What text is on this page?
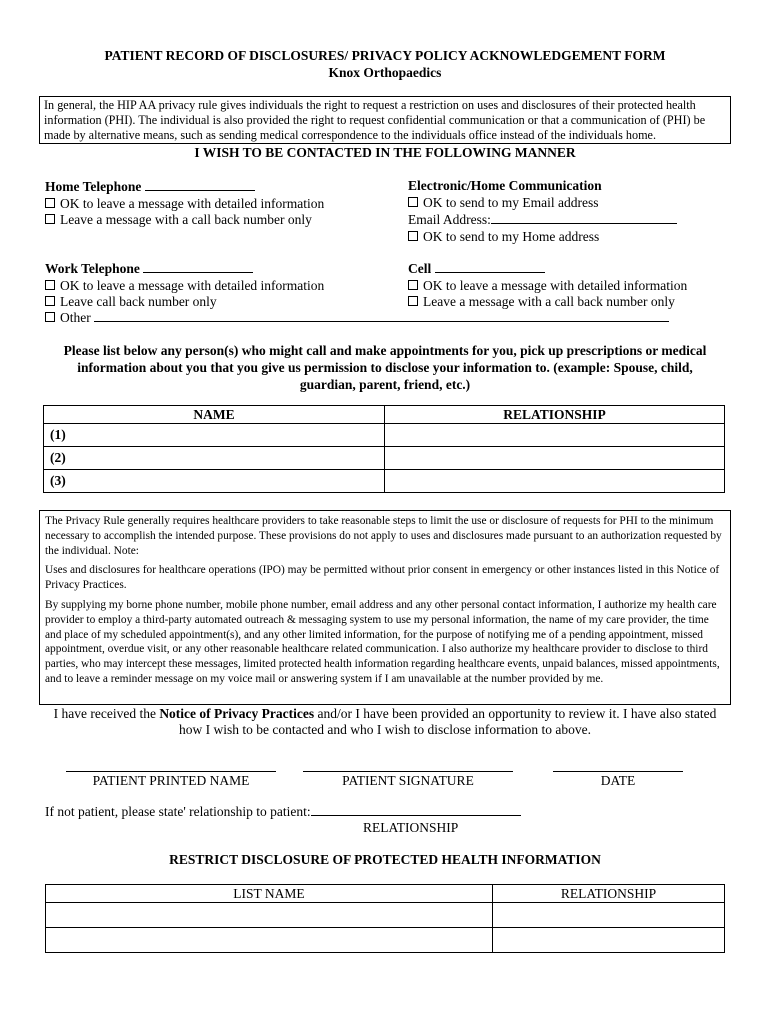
PATIENT RECORD OF DISCLOSURES/ PRIVACY POLICY ACKNOWLEDGEMENT FORM
Knox Orthopaedics
In general, the HIP AA privacy rule gives individuals the right to request a restriction on uses and disclosures of their protected health information (PHI). The individual is also provided the right to request confidential communication or that a communication of (PHI) be made by alternative means, such as sending medical correspondence to the individuals office instead of the individuals home.
I WISH TO BE CONTACTED IN THE FOLLOWING MANNER
Home Telephone
OK to leave a message with detailed information
Leave a message with a call back number only
Electronic/Home Communication
OK to send to my Email address
Email Address:
OK to send to my Home address
Work Telephone
OK to leave a message with detailed information
Leave call back number only
Other
Cell
OK to leave a message with detailed information
Leave a message with a call back number only
Please list below any person(s) who might call and make appointments for you, pick up prescriptions or medical information about you that you give us permission to disclose your information to. (example: Spouse, child, guardian, parent, friend, etc.)
NAME	RELATIONSHIP
(1)	
(2)	
(3)	

The Privacy Rule generally requires healthcare providers to take reasonable steps to limit the use or disclosure of requests for PHI to the minimum necessary to accomplish the intended purpose. These provisions do not apply to uses and disclosures made pursuant to an authorization requested by the individual. Note:

Uses and disclosures for healthcare operations (IPO) may be permitted without prior consent in emergency or other instances listed in this Notice of Privacy Practices.

By supplying my borne phone number, mobile phone number, email address and any other personal contact information, I authorize my health care provider to employ a third-party automated outreach & messaging system to use my personal information, the name of my care provider, the time and place of my scheduled appointment(s), and any other limited information, for the purpose of notifying me of a pending appointment, missed appointment, overdue visit, or any other reasonable healthcare related communication. I also authorize my healthcare provider to disclose to third parties, who may intercept these messages, limited protected health information regarding healthcare events, unpaid balances, missed appointments, and to leave a reminder message on my voice mail or answering system if I am unavailable at the number provided by me.

I have received the Notice of Privacy Practices and/or I have been provided an opportunity to review it. I have also stated how I wish to be contacted and who I wish to disclose information to above.
PATIENT PRINTED NAME	PATIENT SIGNATURE	DATE
If not patient, please state' relationship to patient:
RELATIONSHIP
RESTRICT DISCLOSURE OF PROTECTED HEALTH INFORMATION
LIST NAME	RELATIONSHIP
